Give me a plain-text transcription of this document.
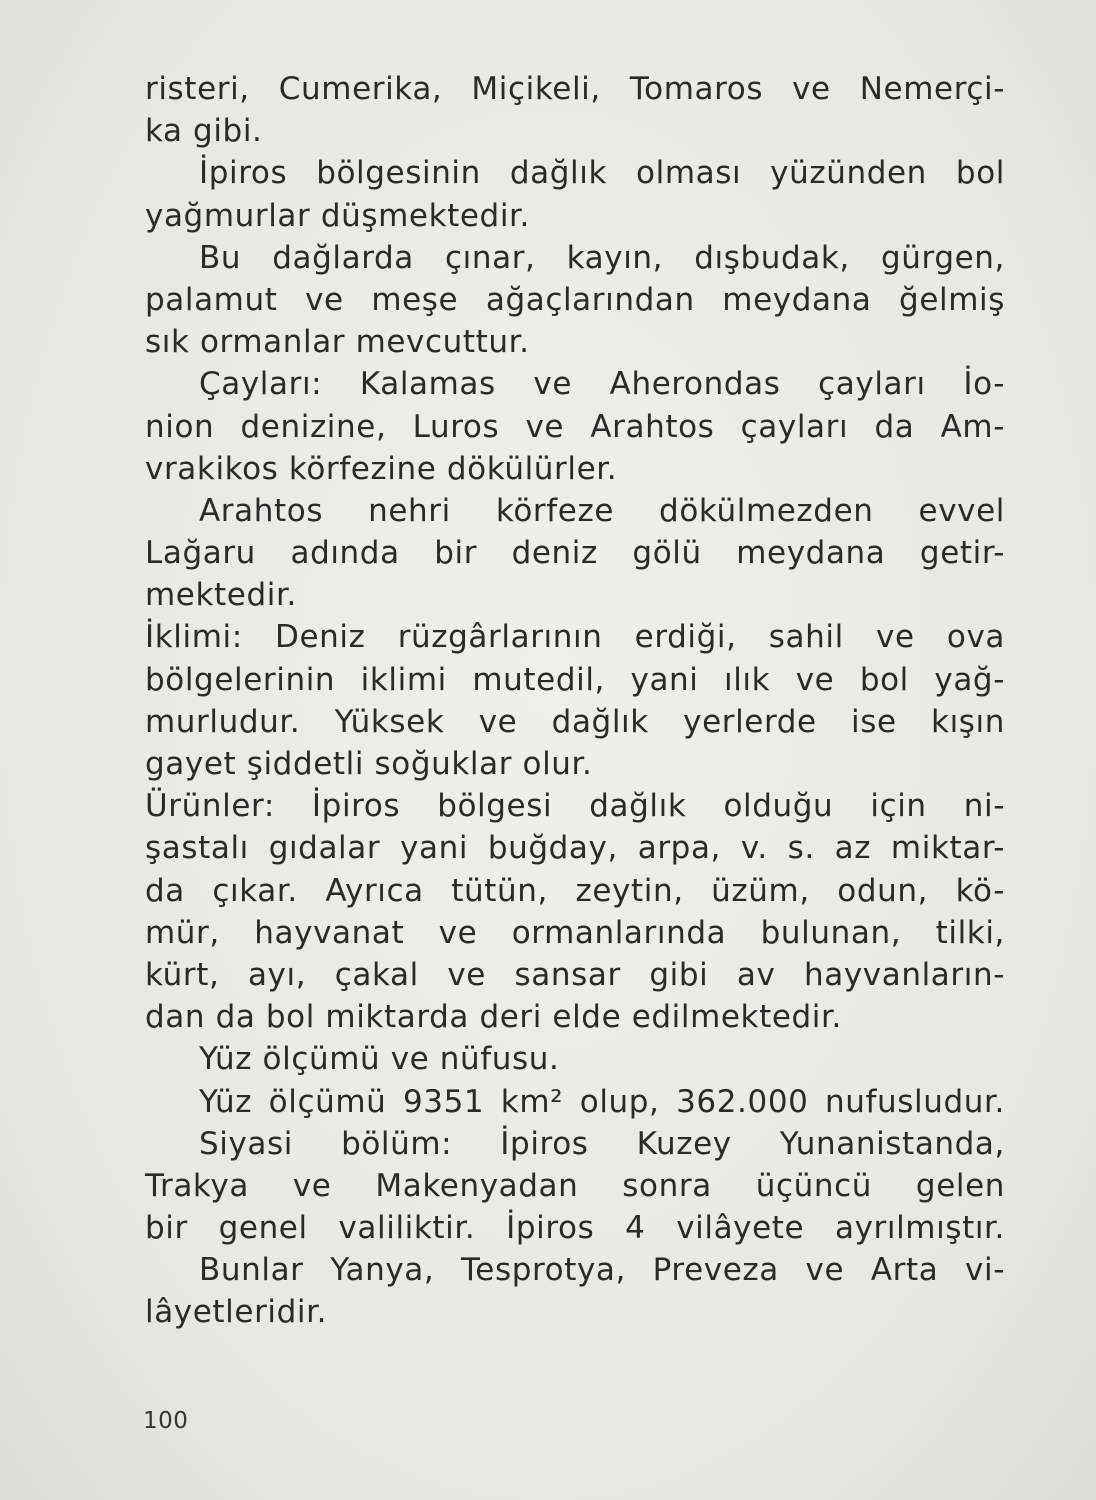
risteri, Cumerika, Miçikeli, Tomaros ve Nemerçi-
ka gibi.
İpiros bölgesinin dağlık olması yüzünden bol
yağmurlar düşmektedir.
Bu dağlarda çınar, kayın, dışbudak, gürgen,
palamut ve meşe ağaçlarından meydana ğelmiş
sık ormanlar mevcuttur.
Çayları: Kalamas ve Aherondas çayları İo-
nion denizine, Luros ve Arahtos çayları da Am-
vrakikos körfezine dökülürler.
Arahtos nehri körfeze dökülmezden evvel
Lağaru adında bir deniz gölü meydana getir-
mektedir.
İklimi: Deniz rüzgârlarının erdiği, sahil ve ova
bölgelerinin iklimi mutedil, yani ılık ve bol yağ-
murludur. Yüksek ve dağlık yerlerde ise kışın
gayet şiddetli soğuklar olur.
Ürünler: İpiros bölgesi dağlık olduğu için ni-
şastalı gıdalar yani buğday, arpa, v. s. az miktar-
da çıkar. Ayrıca tütün, zeytin, üzüm, odun, kö-
mür, hayvanat ve ormanlarında bulunan, tilki,
kürt, ayı, çakal ve sansar gibi av hayvanların-
dan da bol miktarda deri elde edilmektedir.
Yüz ölçümü ve nüfusu.
Yüz ölçümü 9351 km² olup, 362.000 nufusludur.
Siyasi bölüm: İpiros Kuzey Yunanistanda,
Trakya ve Makenyadan sonra üçüncü gelen
bir genel valiliktir. İpiros 4 vilâyete ayrılmıştır.
Bunlar Yanya, Tesprotya, Preveza ve Arta vi-
lâyetleridir.
100
